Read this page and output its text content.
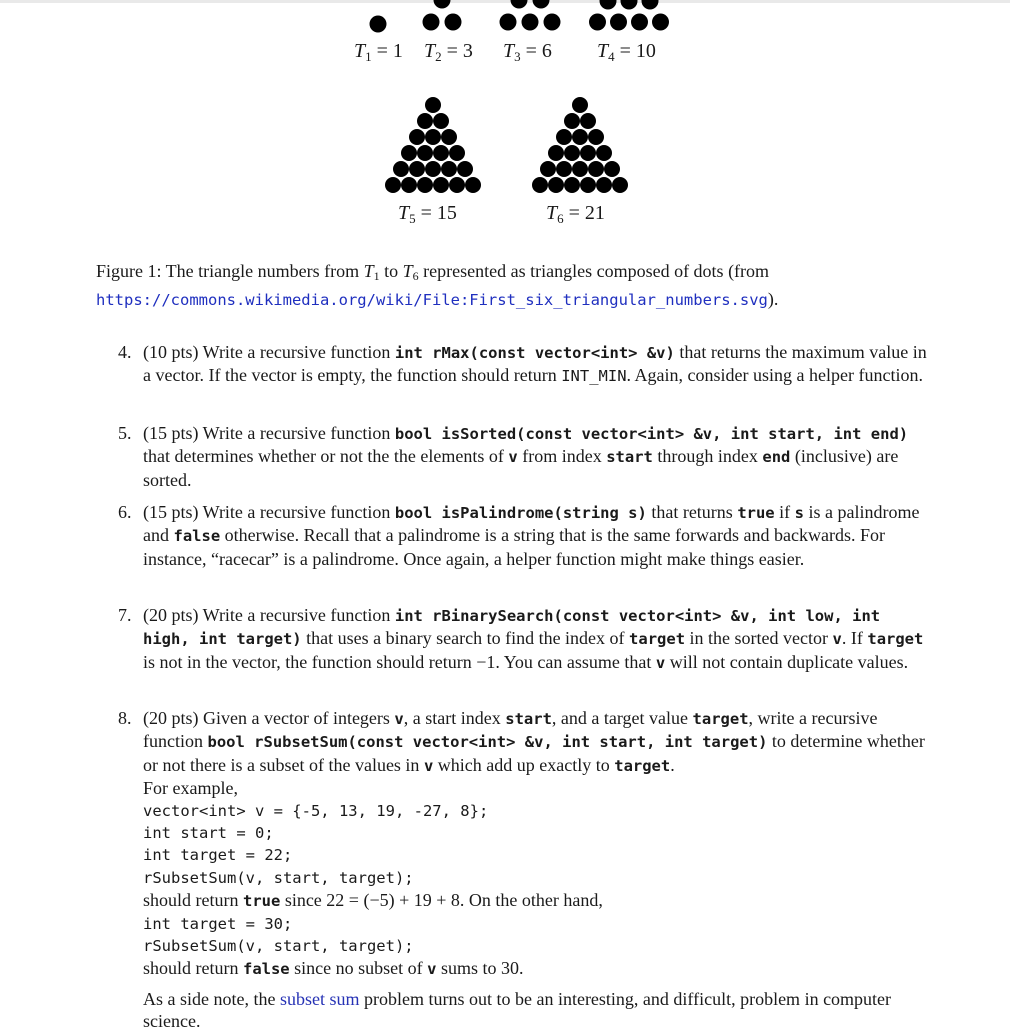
$T_1 = 1$ $T_2 = 3$ $T_3 = 6$ $T_4 = 10$
$T_5 = 15$	$T_6 = 21$
Figure 1: The triangle numbers from $T_1$ to $T_6$ represented as triangles composed of dots (from https://commons.wikimedia.org/wiki/File:First_six_triangular_numbers.svg).
4. (10 pts) Write a recursive function int rMax(const vector<int> &v) that returns the maximum value in a vector. If the vector is empty, the function should return INT_MIN. Again, consider using a helper function.
5. (15 pts) Write a recursive function bool isSorted(const vector<int> &v, int start, int end) that determines whether or not the the elements of v from index start through index end (inclusive) are sorted.
6. (15 pts) Write a recursive function bool isPalindrome(string s) that returns true if s is a palindrome and false otherwise. Recall that a palindrome is a string that is the same forwards and backwards. For instance, “racecar” is a palindrome. Once again, a helper function might make things easier.
7. (20 pts) Write a recursive function int rBinarySearch(const vector<int> &v, int low, int high, int target) that uses a binary search to find the index of target in the sorted vector v. If target is not in the vector, the function should return −1. You can assume that v will not contain duplicate values.
8. (20 pts) Given a vector of integers v, a start index start, and a target value target, write a recursive function bool rSubsetSum(const vector<int> &v, int start, int target) to determine whether or not there is a subset of the values in v which add up exactly to target.
For example,
vector<int> v = {-5, 13, 19, -27, 8};
int start = 0;
int target = 22;
rSubsetSum(v, start, target);
should return true since 22 = (−5) + 19 + 8. On the other hand,
int target = 30;
rSubsetSum(v, start, target);
should return false since no subset of v sums to 30.
As a side note, the subset sum problem turns out to be an interesting, and difficult, problem in computer science.
